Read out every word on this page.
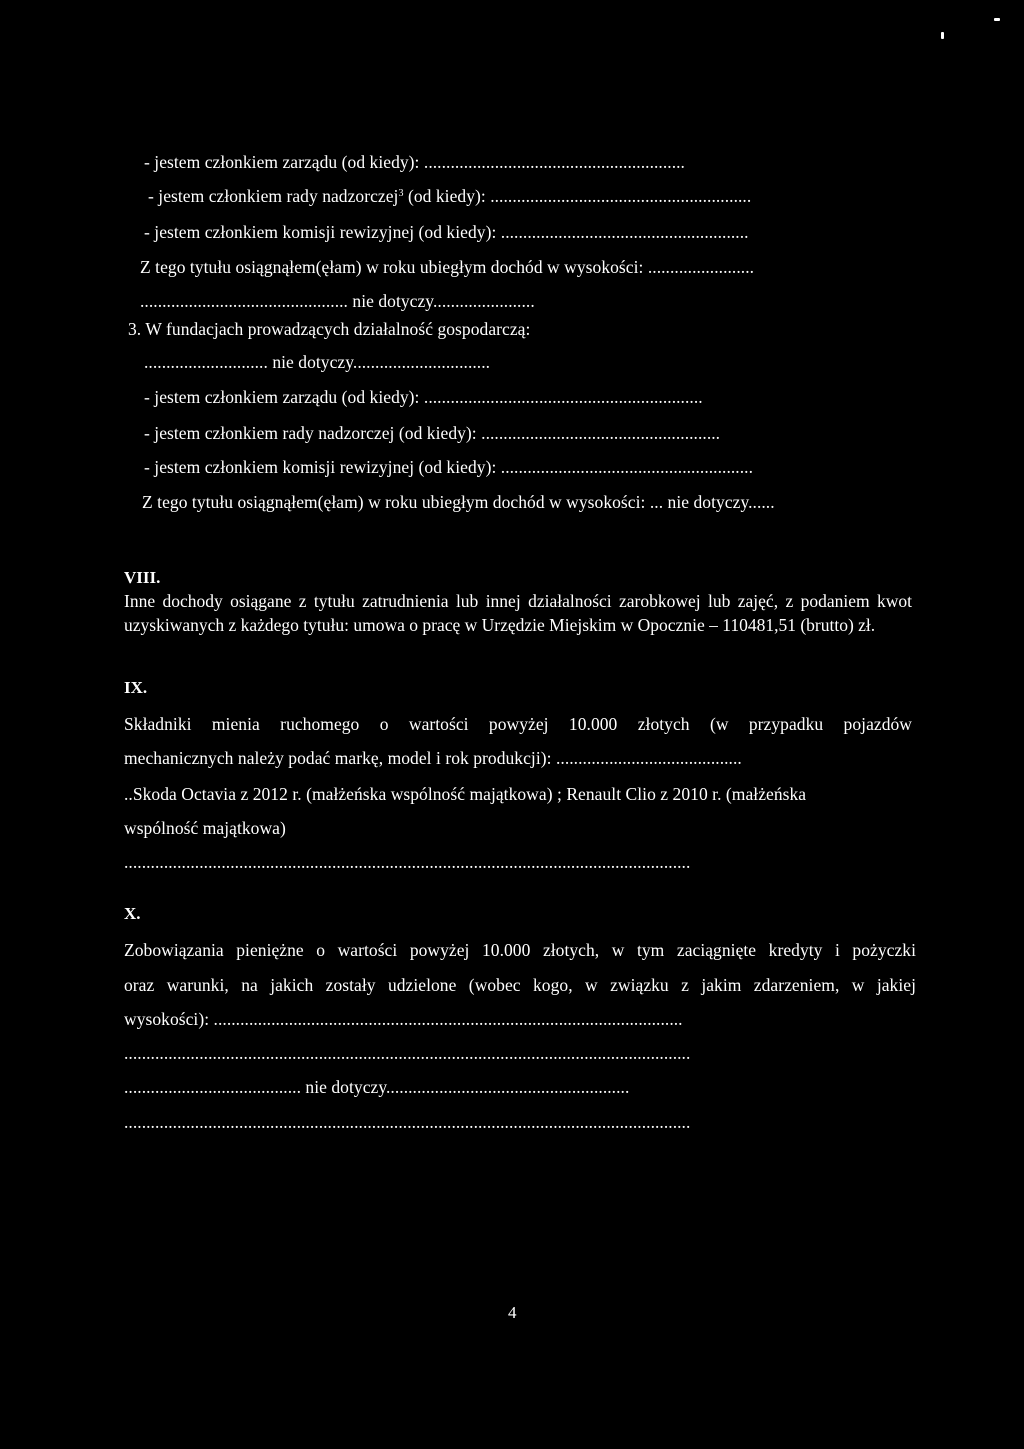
- jestem członkiem zarządu (od kiedy): ...........................................................
- jestem członkiem rady nadzorczej$^3$ (od kiedy): ...........................................................
- jestem członkiem komisji rewizyjnej (od kiedy): ........................................................
Z tego tytułu osiągnąłem(ęłam) w roku ubiegłym dochód w wysokości: ........................
............................................... nie dotyczy.......................
3. W fundacjach prowadzących działalność gospodarczą:
............................ nie dotyczy...............................
- jestem członkiem zarządu (od kiedy): ...............................................................
- jestem członkiem rady nadzorczej (od kiedy): ......................................................
- jestem członkiem komisji rewizyjnej (od kiedy): .........................................................
Z tego tytułu osiągnąłem(ęłam) w roku ubiegłym dochód w wysokości: ... nie dotyczy......
VIII.
Inne dochody osiągane z tytułu zatrudnienia lub innej działalności zarobkowej lub zajęć, z podaniem kwot uzyskiwanych z każdego tytułu: umowa o pracę w Urzędzie Miejskim w Opocznie – 110481,51 (brutto) zł.
IX.
Składniki mienia ruchomego o wartości powyżej 10.000 złotych (w przypadku pojazdów
mechanicznych należy podać markę, model i rok produkcji): ..........................................
..Skoda Octavia z 2012 r. (małżeńska wspólność majątkowa) ; Renault Clio z 2010 r. (małżeńska
wspólność majątkowa)
................................................................................................................................
X.
Zobowiązania pieniężne o wartości powyżej 10.000 złotych, w tym zaciągnięte kredyty i pożyczki
oraz warunki, na jakich zostały udzielone (wobec kogo, w związku z jakim zdarzeniem, w jakiej
wysokości): ..........................................................................................................
................................................................................................................................
........................................ nie dotyczy.......................................................
................................................................................................................................
4
